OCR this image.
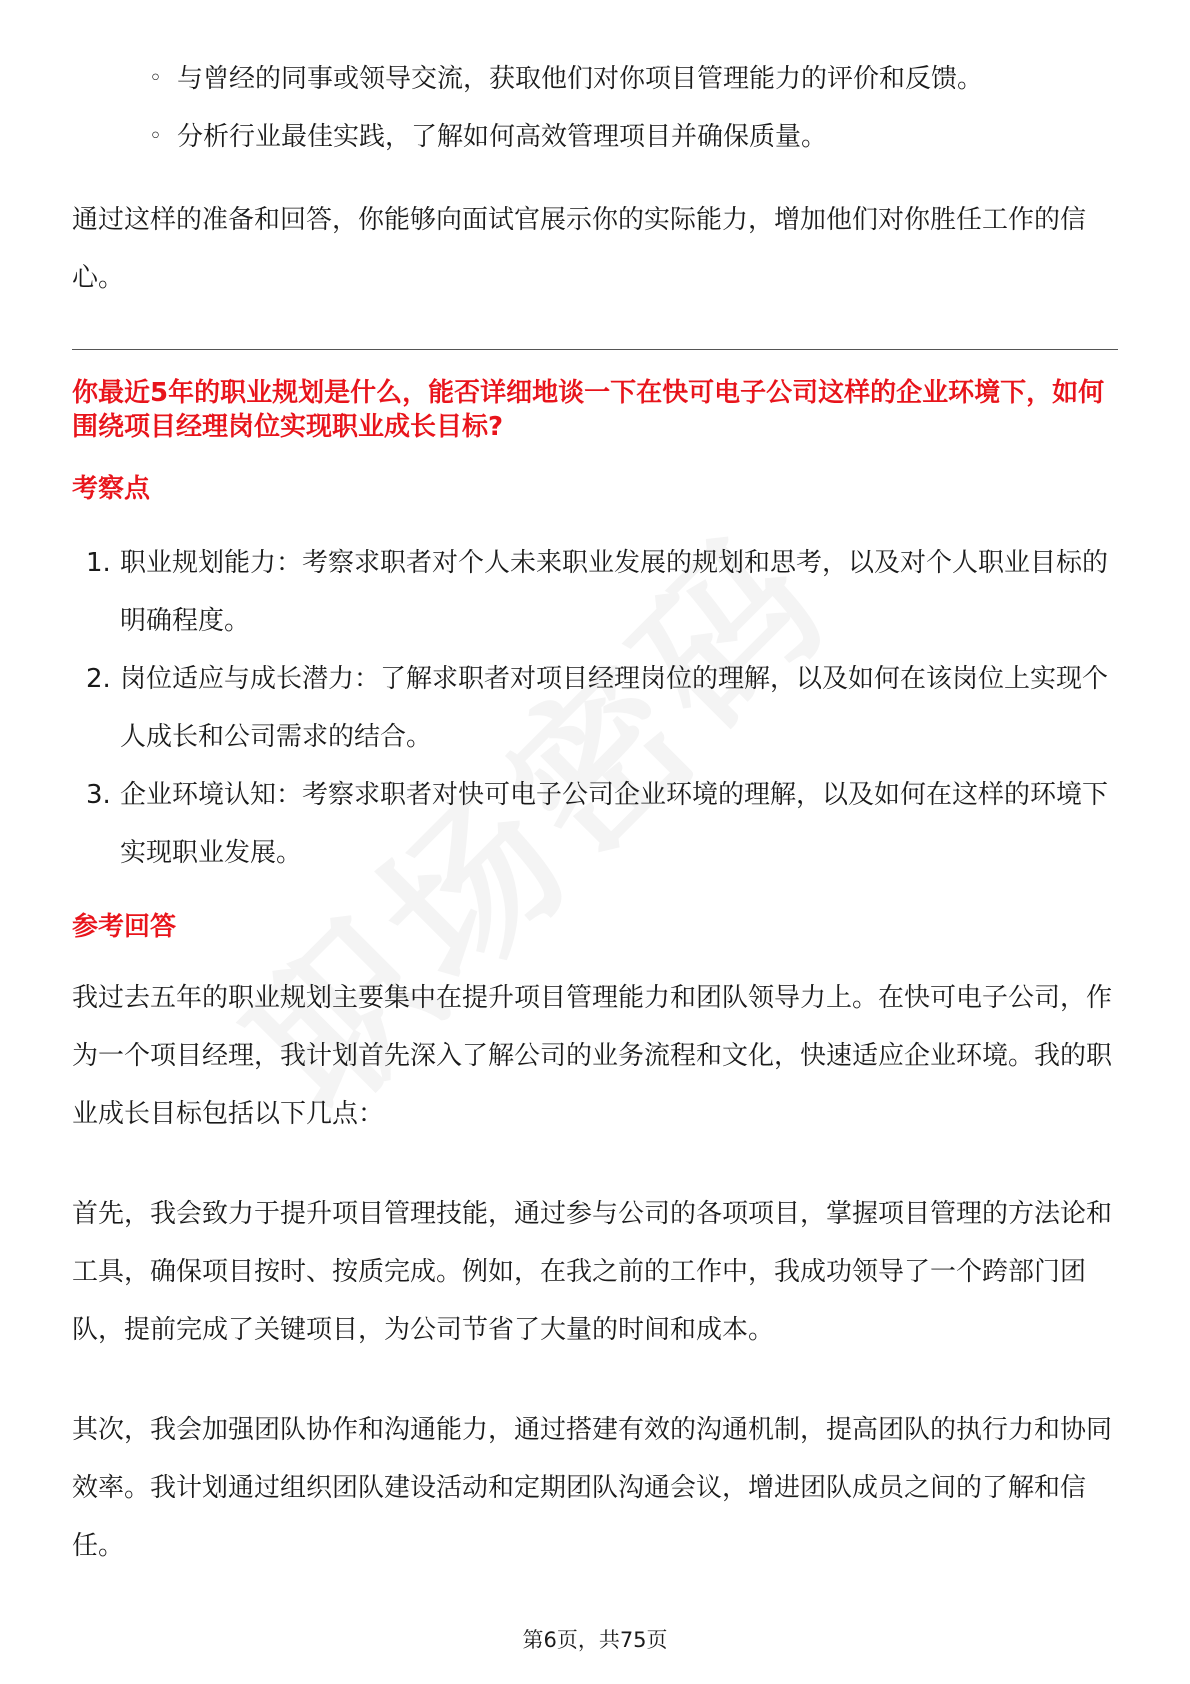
◦ 与曾经的同事或领导交流，获取他们对你项目管理能力的评价和反馈。
◦ 分析行业最佳实践，了解如何高效管理项目并确保质量。

通过这样的准备和回答，你能够向面试官展示你的实际能力，增加他们对你胜任工作的信心。

你最近5年的职业规划是什么，能否详细地谈一下在快可电子公司这样的企业环境下，如何围绕项目经理岗位实现职业成长目标?

考察点
1. 职业规划能力：考察求职者对个人未来职业发展的规划和思考，以及对个人职业目标的明确程度。
2. 岗位适应与成长潜力：了解求职者对项目经理岗位的理解，以及如何在该岗位上实现个人成长和公司需求的结合。
3. 企业环境认知：考察求职者对快可电子公司企业环境的理解，以及如何在这样的环境下实现职业发展。
参考回答

我过去五年的职业规划主要集中在提升项目管理能力和团队领导力上。在快可电子公司，作为一个项目经理，我计划首先深入了解公司的业务流程和文化，快速适应企业环境。我的职业成长目标包括以下几点：

首先，我会致力于提升项目管理技能，通过参与公司的各项项目，掌握项目管理的方法论和工具，确保项目按时、按质完成。例如，在我之前的工作中，我成功领导了一个跨部门团队，提前完成了关键项目，为公司节省了大量的时间和成本。

其次，我会加强团队协作和沟通能力，通过搭建有效的沟通机制，提高团队的执行力和协同效率。我计划通过组织团队建设活动和定期团队沟通会议，增进团队成员之间的了解和信任。

第6页，共75页
